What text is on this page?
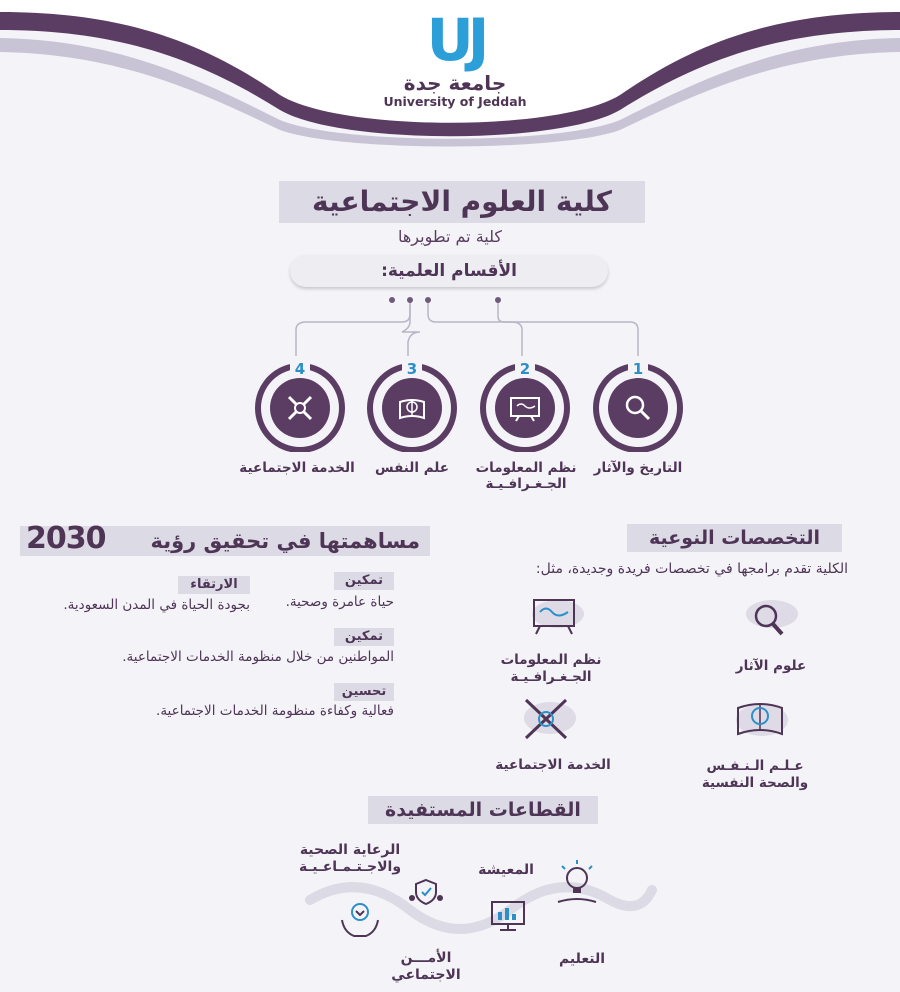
UJ
جامعة جدة
University of Jeddah
كلية العلوم الاجتماعية
كلية تم تطويرها
الأقسام العلمية:
1
التاريخ والآثار
2
نظم المعلومات
الجـغـرافـيـة
3
علم النفس
4
الخدمة الاجتماعية
التخصصات النوعية
الكلية تقدم برامجها في تخصصات فريدة وجديدة، مثل:
علوم الآثار
نظم المعلومات
الجـغـرافـيـة
عـلـم الـنـفـس
والصحة النفسية
الخدمة الاجتماعية
مساهمتها في تحقيق رؤية
2030
تمكين
حياة عامرة وصحية.
الارتقاء
بجودة الحياة في المدن السعودية.
تمكين
المواطنين من خلال منظومة الخدمات الاجتماعية.
تحسين
فعالية وكفاءة منظومة الخدمات الاجتماعية.
القطاعات المستفيدة
التعليم
المعيشة
الأمـــن
الاجتماعي
الرعاية الصحية
والاجـتـمـاعـيـة
